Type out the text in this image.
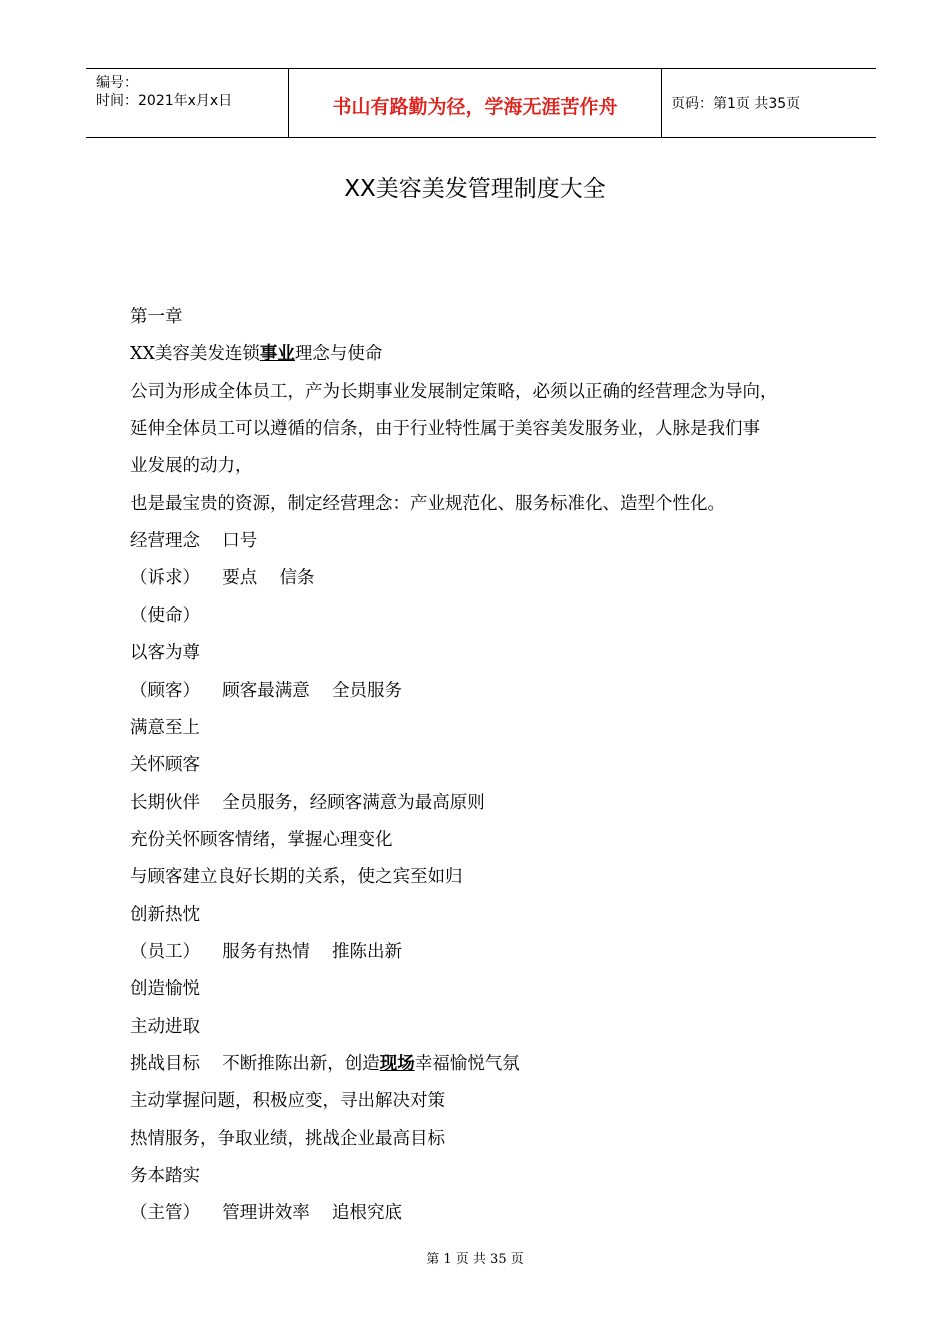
编号：
时间：2021年x月x日	书山有路勤为径，学海无涯苦作舟	页码：第1页 共35页
XX美容美发管理制度大全
第一章
XX美容美发连锁事业理念与使命
公司为形成全体员工，产为长期事业发展制定策略，必须以正确的经营理念为导向，
延伸全体员工可以遵循的信条，由于行业特性属于美容美发服务业，人脉是我们事
业发展的动力，
也是最宝贵的资源，制定经营理念：产业规范化、服务标准化、造型个性化。
经营理念    口号
（诉求）    要点    信条
（使命）
以客为尊
（顾客）    顾客最满意    全员服务
满意至上
关怀顾客
长期伙伴    全员服务，经顾客满意为最高原则
充份关怀顾客情绪，掌握心理变化
与顾客建立良好长期的关系，使之宾至如归
创新热忱
（员工）    服务有热情    推陈出新
创造愉悦
主动进取
挑战目标    不断推陈出新，创造现场幸福愉悦气氛
主动掌握问题，积极应变，寻出解决对策
热情服务，争取业绩，挑战企业最高目标
务本踏实
（主管）    管理讲效率    追根究底
第 1 页 共 35 页
